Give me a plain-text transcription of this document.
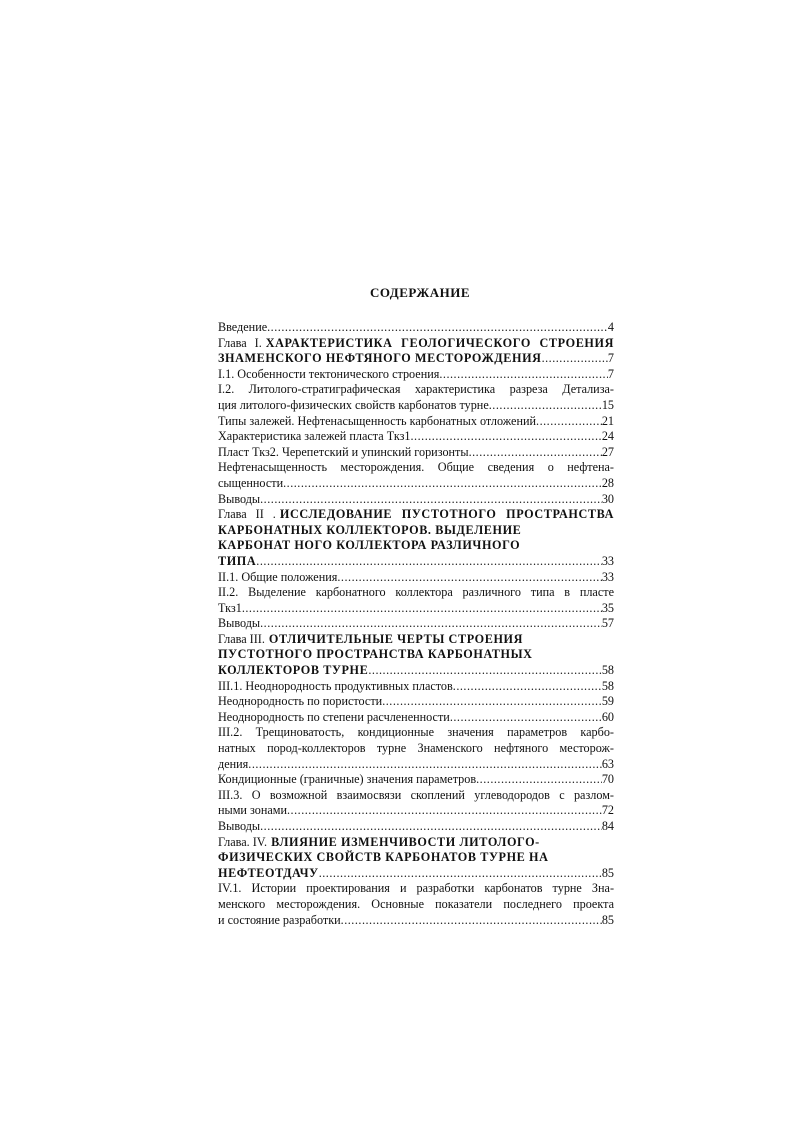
СОДЕРЖАНИЕ
Введение .....	4
Глава I. ХАРАКТЕРИСТИКА ГЕОЛОГИЧЕСКОГО СТРОЕНИЯ
ЗНАМЕНСКОГО НЕФТЯНОГО МЕСТОРОЖДЕНИЯ .....	7
I.1. Особенности тектонического строения .....	7
I.2. Литолого-стратиграфическая характеристика разреза Детализа-
ция литолого-физических свойств карбонатов турне .....	15
Типы залежей. Нефтенасыщенность карбонатных отложений .....	21
Характеристика залежей пласта Ткз1 .....	24
Пласт Ткз2. Черепетский и упинский горизонты .....	27
Нефтенасыщенность месторождения. Общие сведения о нефтена-
сыщенности .....	28
Выводы .....	30
Глава II . ИССЛЕДОВАНИЕ ПУСТОТНОГО ПРОСТРАНСТВА
КАРБОНАТНЫХ КОЛЛЕКТОРОВ. ВЫДЕЛЕНИЕ
КАРБОНАТ НОГО КОЛЛЕКТОРА РАЗЛИЧНОГО
ТИПА .....	33
II.1. Общие положения .....	33
II.2. Выделение карбонатного коллектора различного типа в пласте
Ткз1 .....	35
Выводы .....	57
Глава III. ОТЛИЧИТЕЛЬНЫЕ ЧЕРТЫ СТРОЕНИЯ
ПУСТОТНОГО ПРОСТРАНСТВА КАРБОНАТНЫХ
КОЛЛЕКТОРОВ ТУРНЕ .....	58
III.1. Неоднородность продуктивных пластов .....	58
Неоднородность по пористости .....	59
Неоднородность по степени расчлененности .....	60
III.2. Трещиноватость, кондиционные значения параметров карбо-
натных пород-коллекторов турне Знаменского нефтяного месторож-
дения .....	63
Кондиционные (граничные) значения параметров .....	70
III.3. О возможной взаимосвязи скоплений углеводородов с разлом-
ными зонами .....	72
Выводы .....	84
Глава. IV. ВЛИЯНИЕ ИЗМЕНЧИВОСТИ ЛИТОЛОГО-
ФИЗИЧЕСКИХ СВОЙСТВ КАРБОНАТОВ ТУРНЕ НА
НЕФТЕОТДАЧУ .....	85
IV.1. Истории проектирования и разработки карбонатов турне Зна-
менского месторождения. Основные показатели последнего проекта
и состояние разработки .....	85
